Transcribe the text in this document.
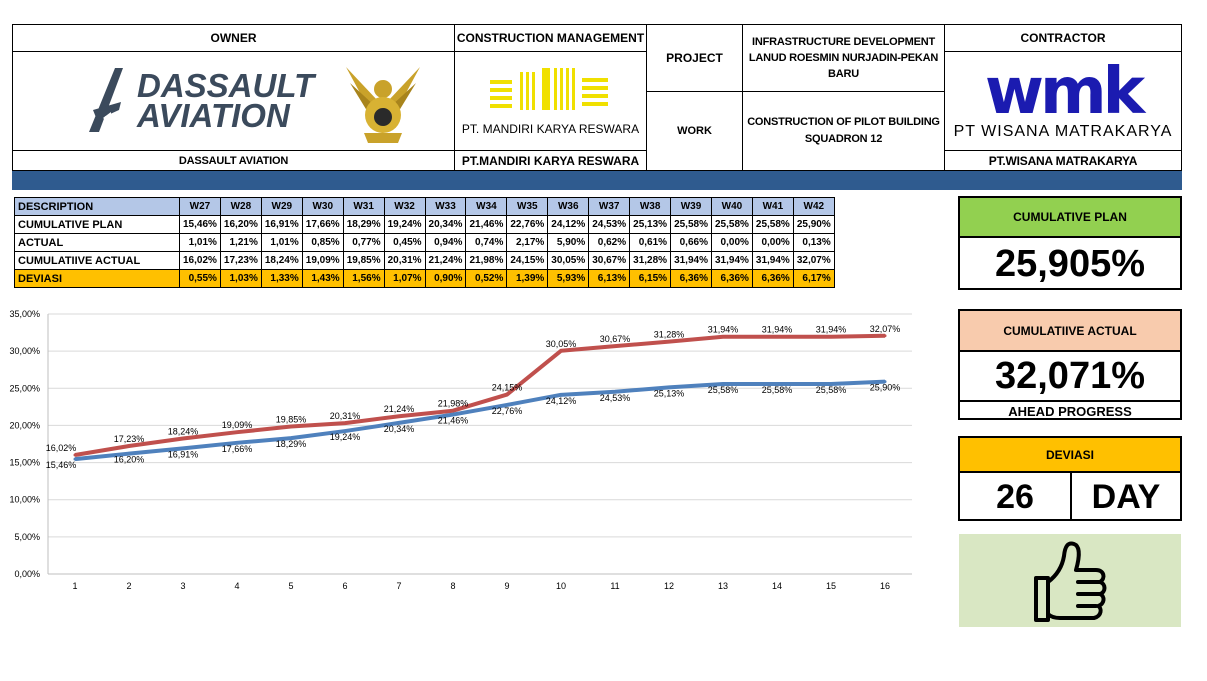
OWNER
DASSAULT
AVIATION
DASSAULT AVIATION
CONSTRUCTION MANAGEMENT
PT. MANDIRI KARYA RESWARA
PT.MANDIRI KARYA RESWARA
PROJECT
INFRASTRUCTURE DEVELOPMENT LANUD ROESMIN NURJADIN-PEKAN BARU
WORK
CONSTRUCTION OF PILOT BUILDING SQUADRON 12
CONTRACTOR
wmk
PT WISANA MATRAKARYA
PT.WISANA MATRAKARYA
DESCRIPTION	W27	W28	W29	W30	W31	W32	W33	W34	W35	W36	W37	W38	W39	W40	W41	W42
CUMULATIVE PLAN	15,46%	16,20%	16,91%	17,66%	18,29%	19,24%	20,34%	21,46%	22,76%	24,12%	24,53%	25,13%	25,58%	25,58%	25,58%	25,90%
ACTUAL	1,01%	1,21%	1,01%	0,85%	0,77%	0,45%	0,94%	0,74%	2,17%	5,90%	0,62%	0,61%	0,66%	0,00%	0,00%	0,13%
CUMULATIIVE ACTUAL	16,02%	17,23%	18,24%	19,09%	19,85%	20,31%	21,24%	21,98%	24,15%	30,05%	30,67%	31,28%	31,94%	31,94%	31,94%	32,07%
DEVIASI	0,55%	1,03%	1,33%	1,43%	1,56%	1,07%	0,90%	0,52%	1,39%	5,93%	6,13%	6,15%	6,36%	6,36%	6,36%	6,17%
0,00%
5,00%
10,00%
15,00%
20,00%
25,00%
30,00%
35,00%
1	2	3	4	5	6	7	8	9	10	11	12	13	14	15	16
16,02%
17,23%
18,24%
19,09%
19,85%	20,31%
21,24%
21,98%
24,15%
30,05%	30,67%	31,28%	31,94%	31,94%	31,94%	32,07%
15,46%
16,20%
16,91%
17,66%	18,29%
19,24%
20,34%
21,46%
22,76%
24,12%	24,53%	25,13%	25,58%	25,58%	25,58%	25,90%
CUMULATIVE PLAN
25,905%
CUMULATIIVE ACTUAL
32,071%
AHEAD PROGRESS
DEVIASI
26	DAY
